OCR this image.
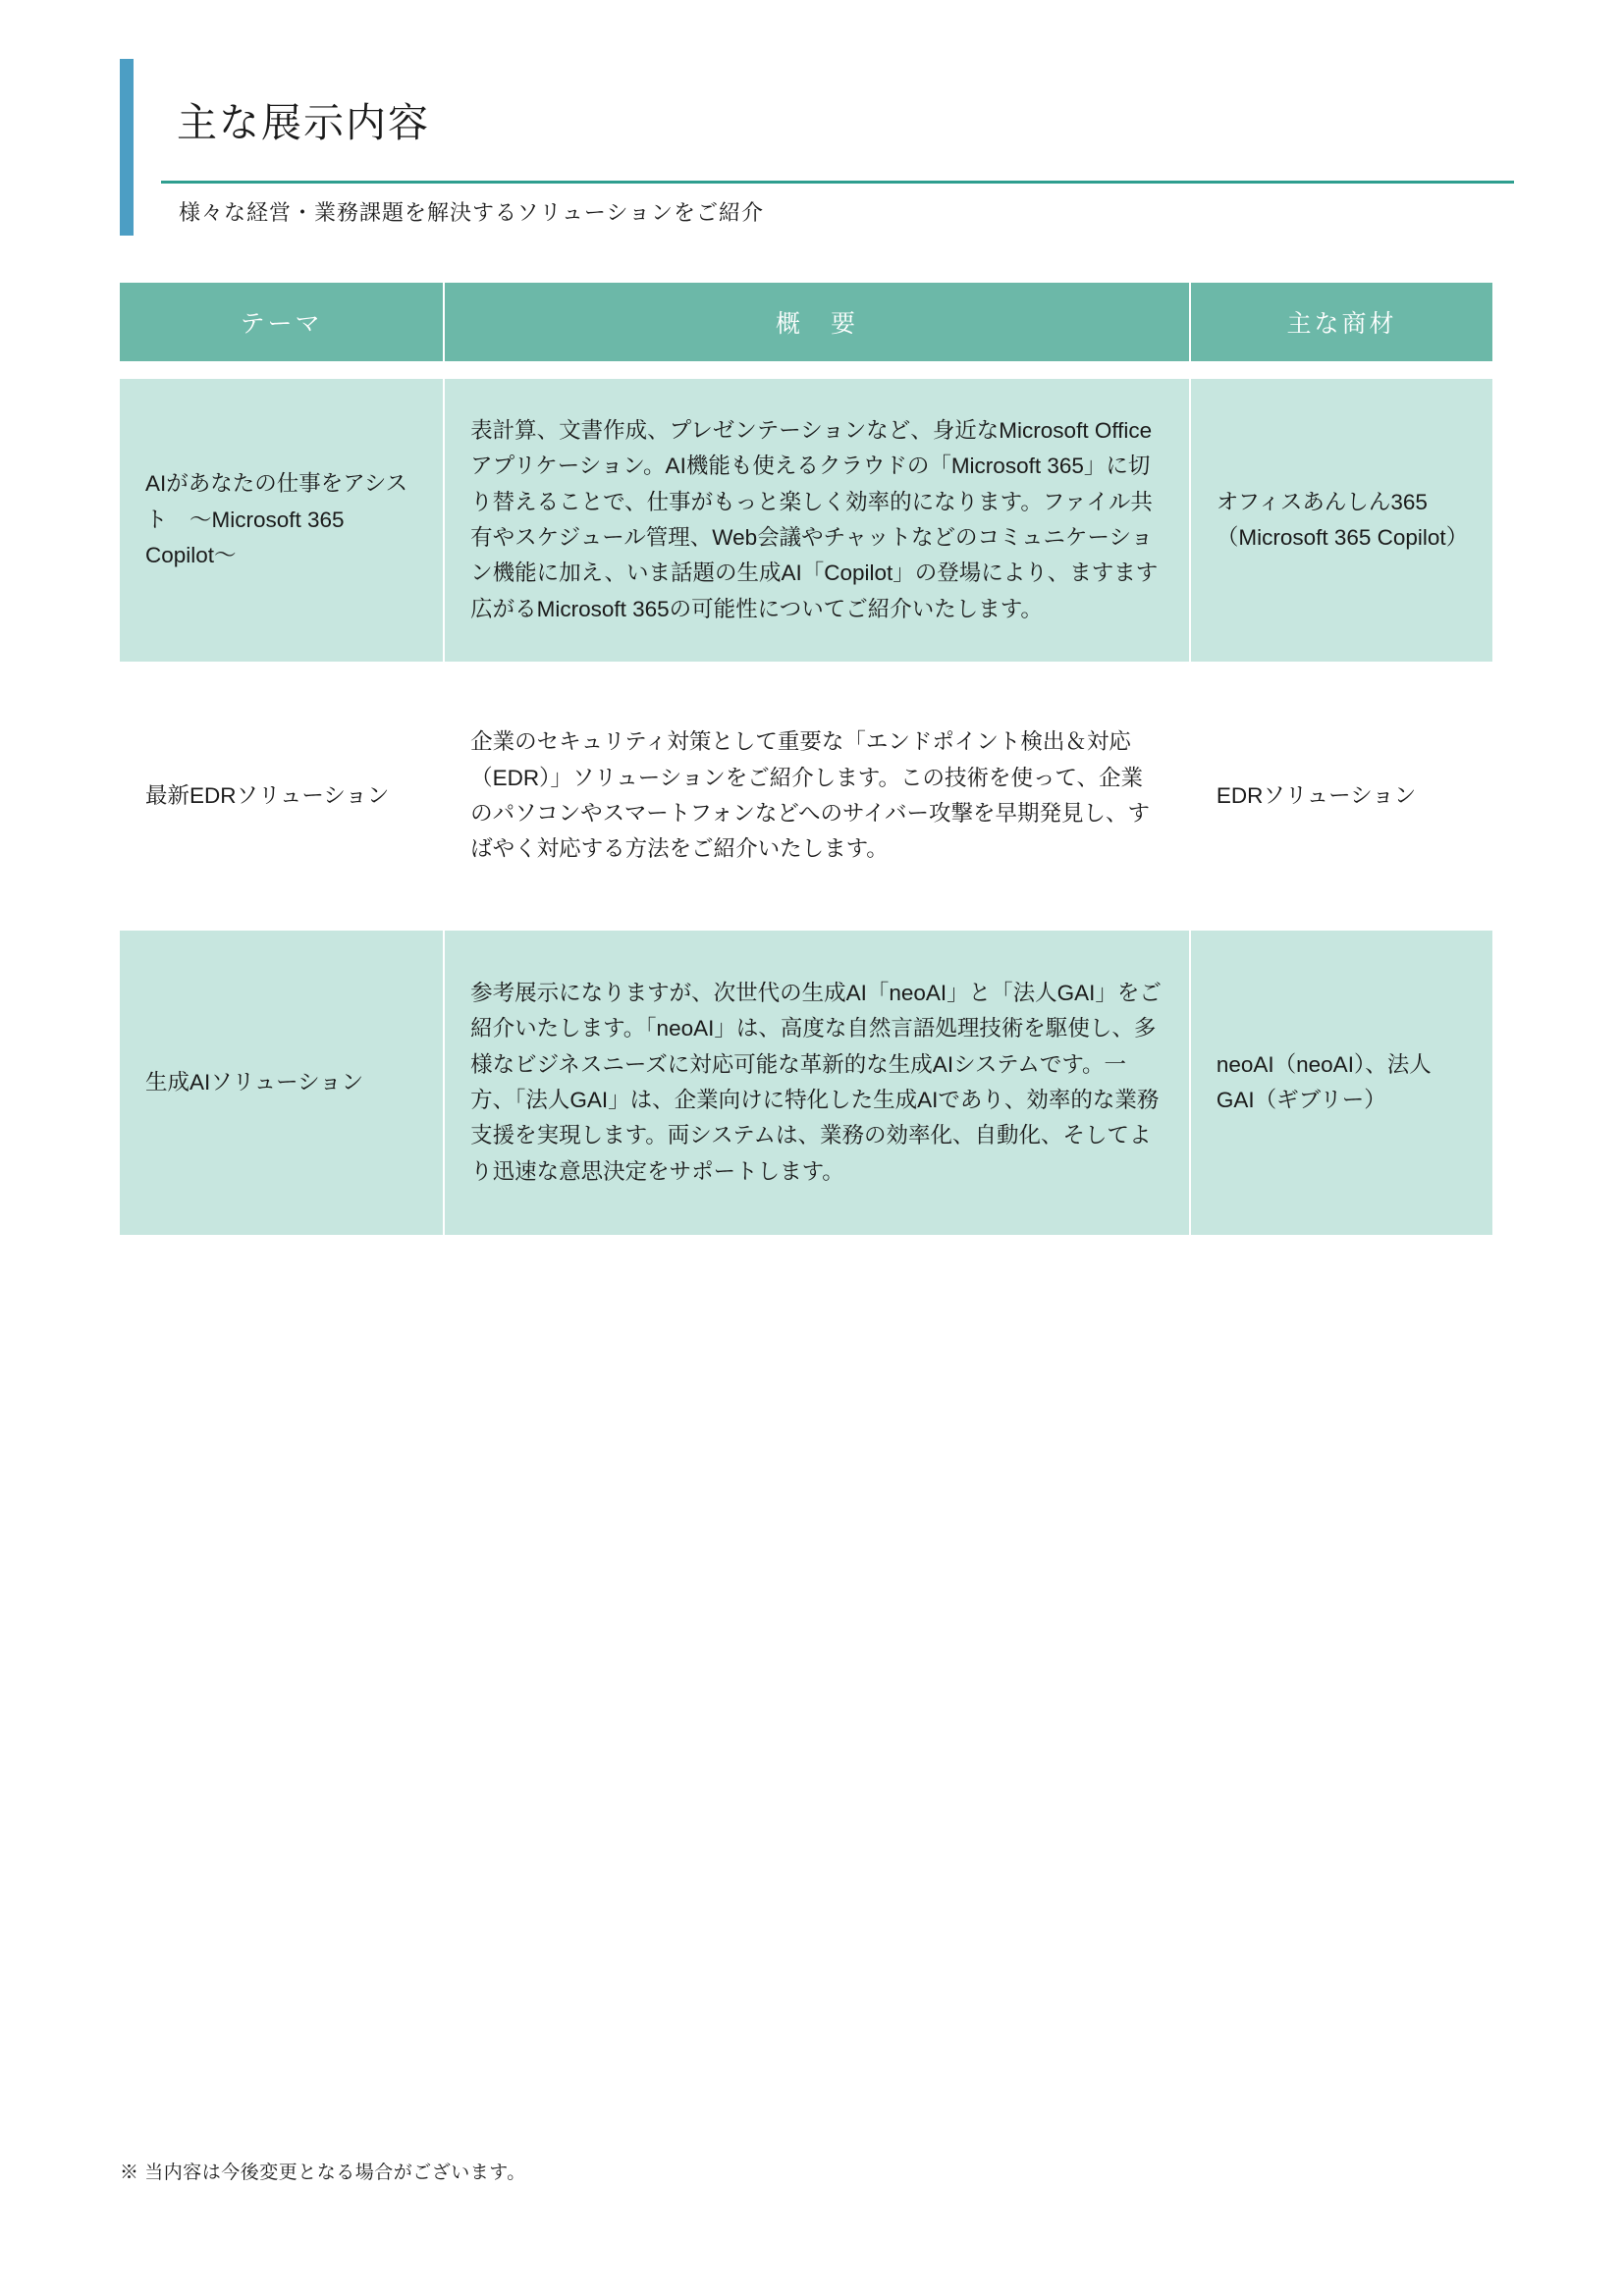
主な展示内容
様々な経営・業務課題を解決するソリューションをご紹介
テーマ	概　要	主な商材
AIがあなたの仕事をアシスト　〜Microsoft 365 Copilot〜
表計算、文書作成、プレゼンテーションなど、身近なMicrosoft Officeアプリケーション。AI機能も使えるクラウドの「Microsoft 365」に切り替えることで、仕事がもっと楽しく効率的になります。ファイル共有やスケジュール管理、Web会議やチャットなどのコミュニケーション機能に加え、いま話題の生成AI「Copilot」の登場により、ますます広がるMicrosoft 365の可能性についてご紹介いたします。
オフィスあんしん365（Microsoft 365 Copilot）
最新EDRソリューション
企業のセキュリティ対策として重要な「エンドポイント検出＆対応（EDR）」ソリューションをご紹介します。この技術を使って、企業のパソコンやスマートフォンなどへのサイバー攻撃を早期発見し、すばやく対応する方法をご紹介いたします。
EDRソリューション
生成AIソリューション
参考展示になりますが、次世代の生成AI「neoAI」と「法人GAI」をご紹介いたします。「neoAI」は、高度な自然言語処理技術を駆使し、多様なビジネスニーズに対応可能な革新的な生成AIシステムです。一方、「法人GAI」は、企業向けに特化した生成AIであり、効率的な業務支援を実現します。両システムは、業務の効率化、自動化、そしてより迅速な意思決定をサポートします。
neoAI（neoAI）、法人GAI（ギブリー）
※ 当内容は今後変更となる場合がございます。
